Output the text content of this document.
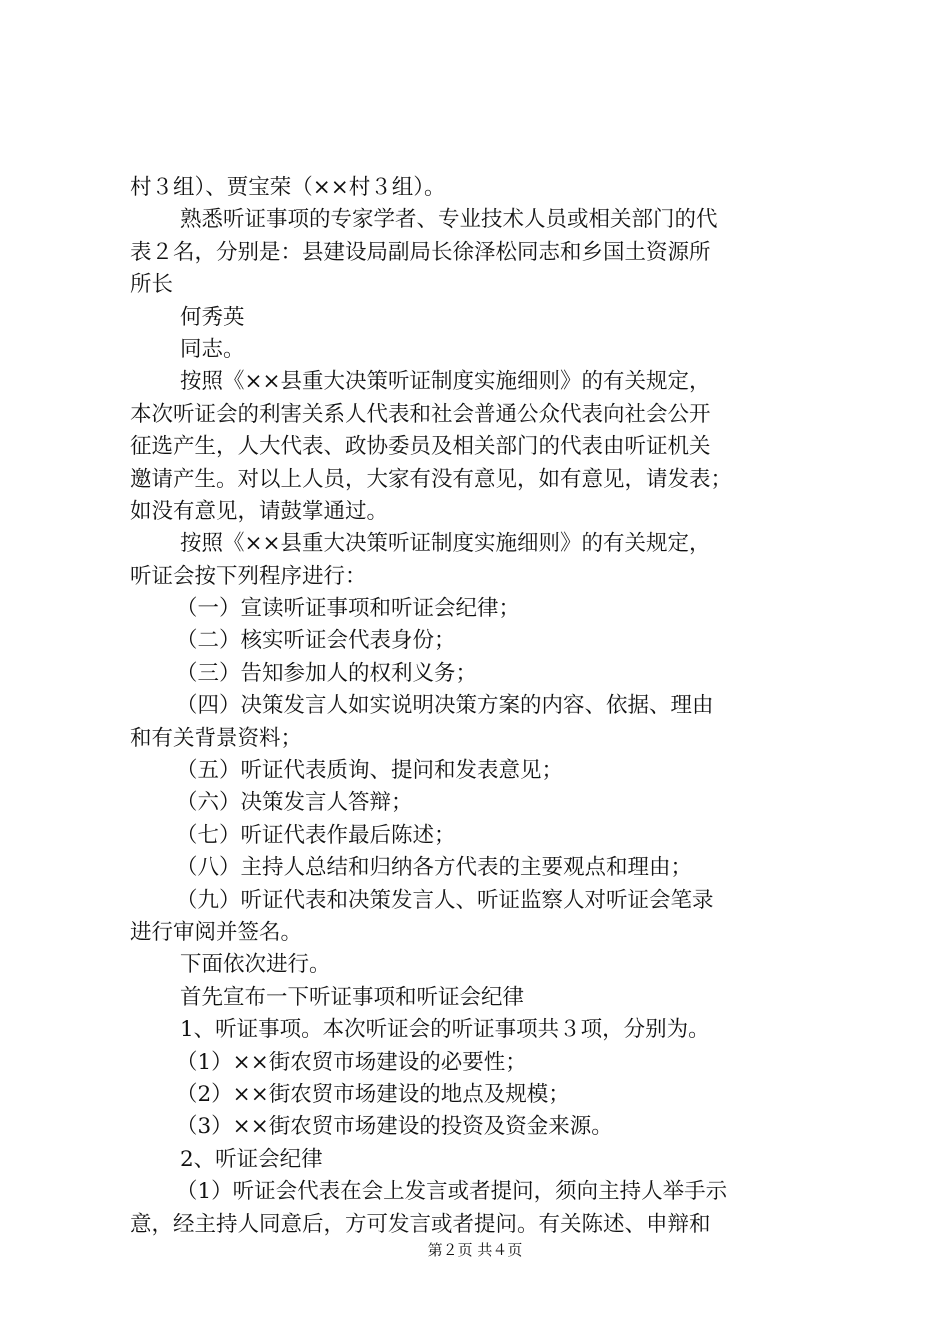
村３组）、贾宝荣（××村３组）。
熟悉听证事项的专家学者、专业技术人员或相关部门的代
表２名，分别是：县建设局副局长徐泽松同志和乡国土资源所
所长
何秀英
同志。
按照《××县重大决策听证制度实施细则》的有关规定，
本次听证会的利害关系人代表和社会普通公众代表向社会公开
征选产生，人大代表、政协委员及相关部门的代表由听证机关
邀请产生。对以上人员，大家有没有意见，如有意见，请发表；
如没有意见，请鼓掌通过。
按照《××县重大决策听证制度实施细则》的有关规定，
听证会按下列程序进行：
（一）宣读听证事项和听证会纪律；
（二）核实听证会代表身份；
（三）告知参加人的权利义务；
（四）决策发言人如实说明决策方案的内容、依据、理由
和有关背景资料；
（五）听证代表质询、提问和发表意见；
（六）决策发言人答辩；
（七）听证代表作最后陈述；
（八）主持人总结和归纳各方代表的主要观点和理由；
（九）听证代表和决策发言人、听证监察人对听证会笔录
进行审阅并签名。
下面依次进行。
首先宣布一下听证事项和听证会纪律
1、听证事项。本次听证会的听证事项共３项，分别为。
（1）××街农贸市场建设的必要性；
（2）××街农贸市场建设的地点及规模；
（3）××街农贸市场建设的投资及资金来源。
2、听证会纪律
（1）听证会代表在会上发言或者提问，须向主持人举手示
意，经主持人同意后，方可发言或者提问。有关陈述、申辩和
第２页 共４页
